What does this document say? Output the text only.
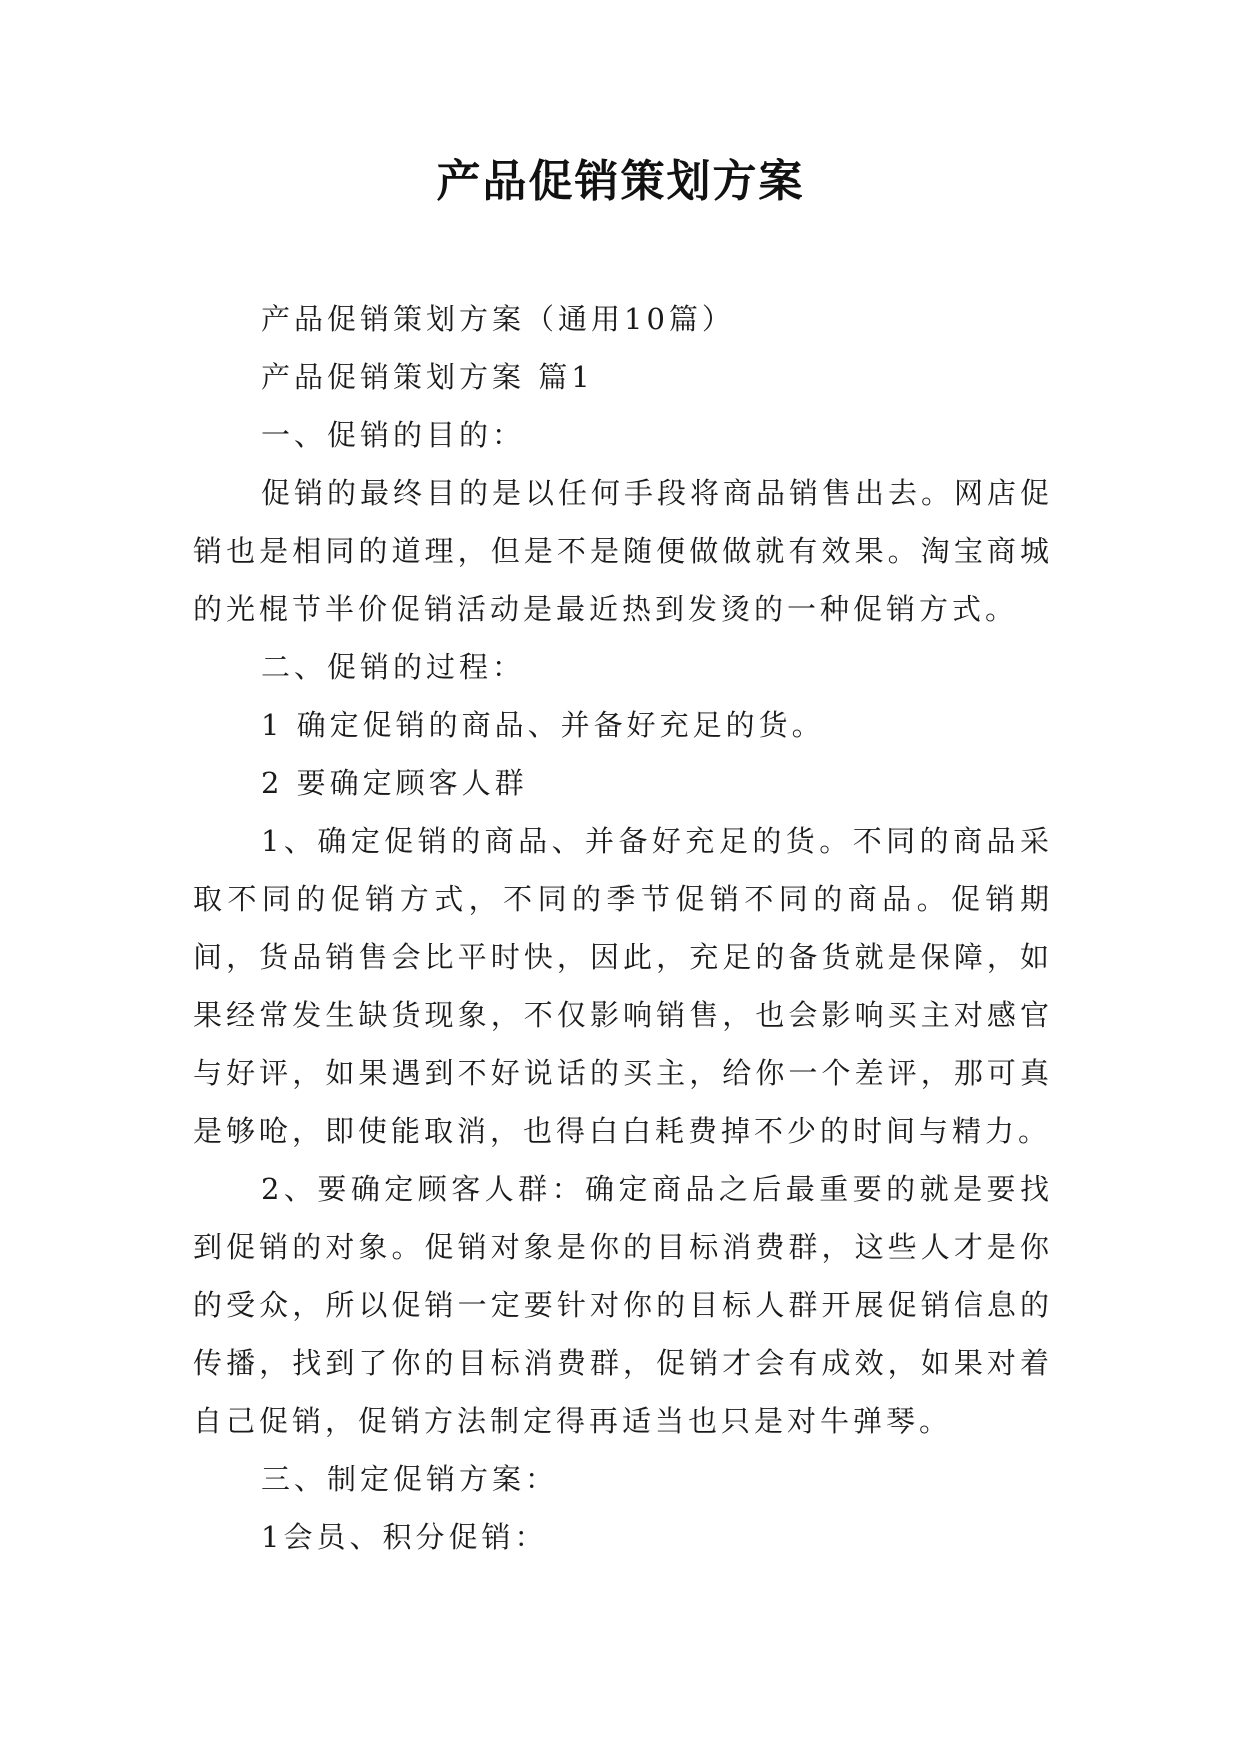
产品促销策划方案

产品促销策划方案（通用10篇）

产品促销策划方案 篇1

一、促销的目的：

促销的最终目的是以任何手段将商品销售出去。网店促销也是相同的道理，但是不是随便做做就有效果。淘宝商城的光棍节半价促销活动是最近热到发烫的一种促销方式。

二、促销的过程：

1 确定促销的商品、并备好充足的货。

2 要确定顾客人群

1、确定促销的商品、并备好充足的货。不同的商品采取不同的促销方式，不同的季节促销不同的商品。促销期间，货品销售会比平时快，因此，充足的备货就是保障，如果经常发生缺货现象，不仅影响销售，也会影响买主对感官与好评，如果遇到不好说话的买主，给你一个差评，那可真是够呛，即使能取消，也得白白耗费掉不少的时间与精力。

2、要确定顾客人群：确定商品之后最重要的就是要找到促销的对象。促销对象是你的目标消费群，这些人才是你的受众，所以促销一定要针对你的目标人群开展促销信息的传播，找到了你的目标消费群，促销才会有成效，如果对着自己促销，促销方法制定得再适当也只是对牛弹琴。

三、制定促销方案：

1会员、积分促销：
